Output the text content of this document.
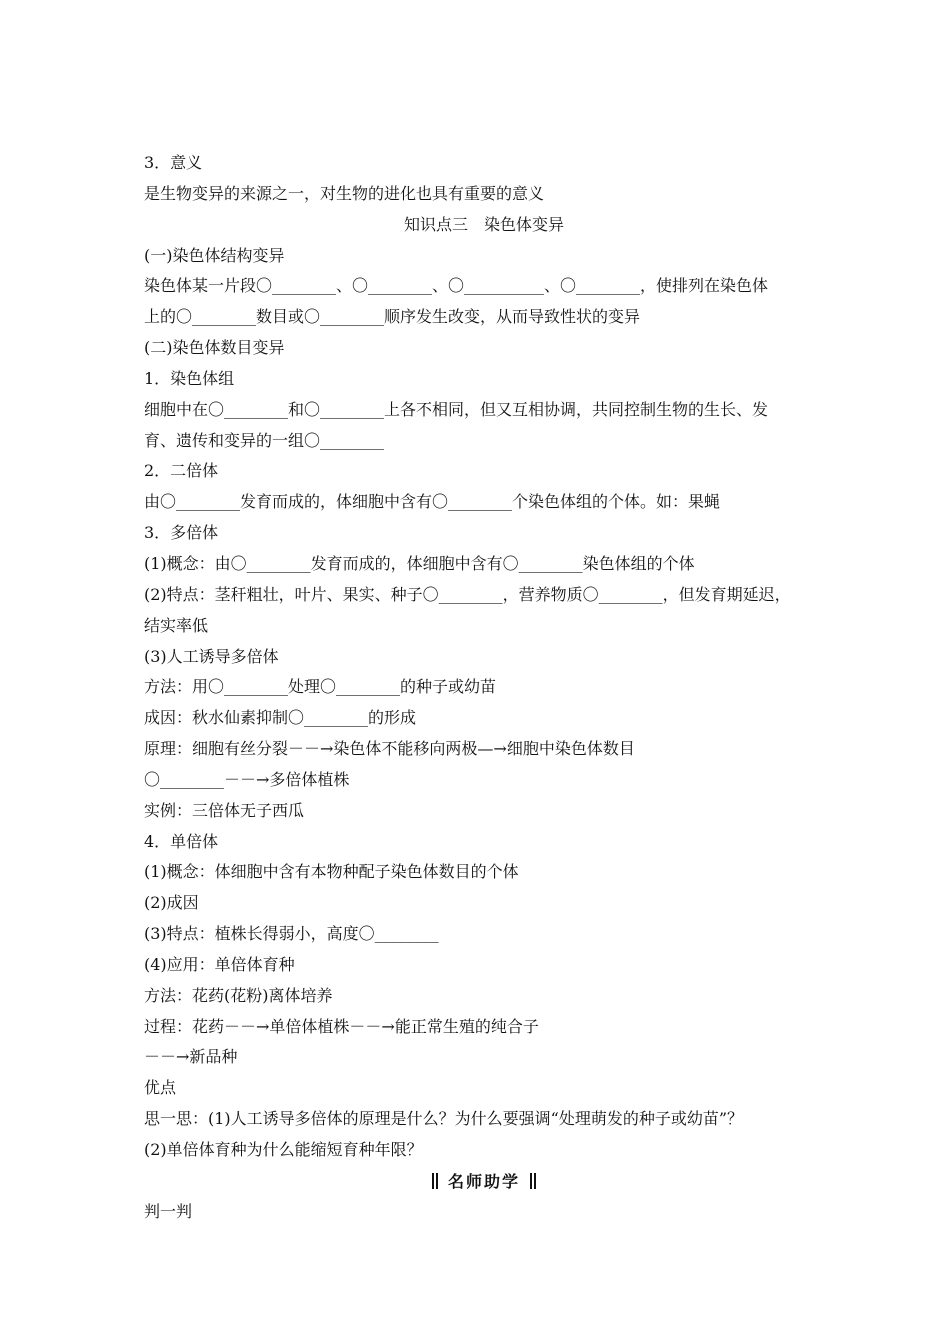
3．意义
是生物变异的来源之一，对生物的进化也具有重要的意义
知识点三　染色体变异
(一)染色体结构变异
染色体某一片段〇________、〇________、〇__________、〇________，使排列在染色体
上的〇________数目或〇________顺序发生改变，从而导致性状的变异
(二)染色体数目变异
1．染色体组
细胞中在〇________和〇________上各不相同，但又互相协调，共同控制生物的生长、发
育、遗传和变异的一组〇________
2．二倍体
由〇________发育而成的，体细胞中含有〇________个染色体组的个体。如：果蝇
3．多倍体
(1)概念：由〇________发育而成的，体细胞中含有〇________染色体组的个体
(2)特点：茎秆粗壮，叶片、果实、种子〇________，营养物质〇________，但发育期延迟，
结实率低
(3)人工诱导多倍体
方法：用〇________处理〇________的种子或幼苗
成因：秋水仙素抑制〇________的形成
原理：细胞有丝分裂－－→染色体不能移向两极—→细胞中染色体数目
〇________－－→多倍体植株
实例：三倍体无子西瓜
4．单倍体
(1)概念：体细胞中含有本物种配子染色体数目的个体
(2)成因
(3)特点：植株长得弱小，高度〇________
(4)应用：单倍体育种
方法：花药(花粉)离体培养
过程：花药－－→单倍体植株－－→能正常生殖的纯合子
－－→新品种
优点
思一思：(1)人工诱导多倍体的原理是什么？为什么要强调“处理萌发的种子或幼苗”？
(2)单倍体育种为什么能缩短育种年限？
名师助学
判一判
